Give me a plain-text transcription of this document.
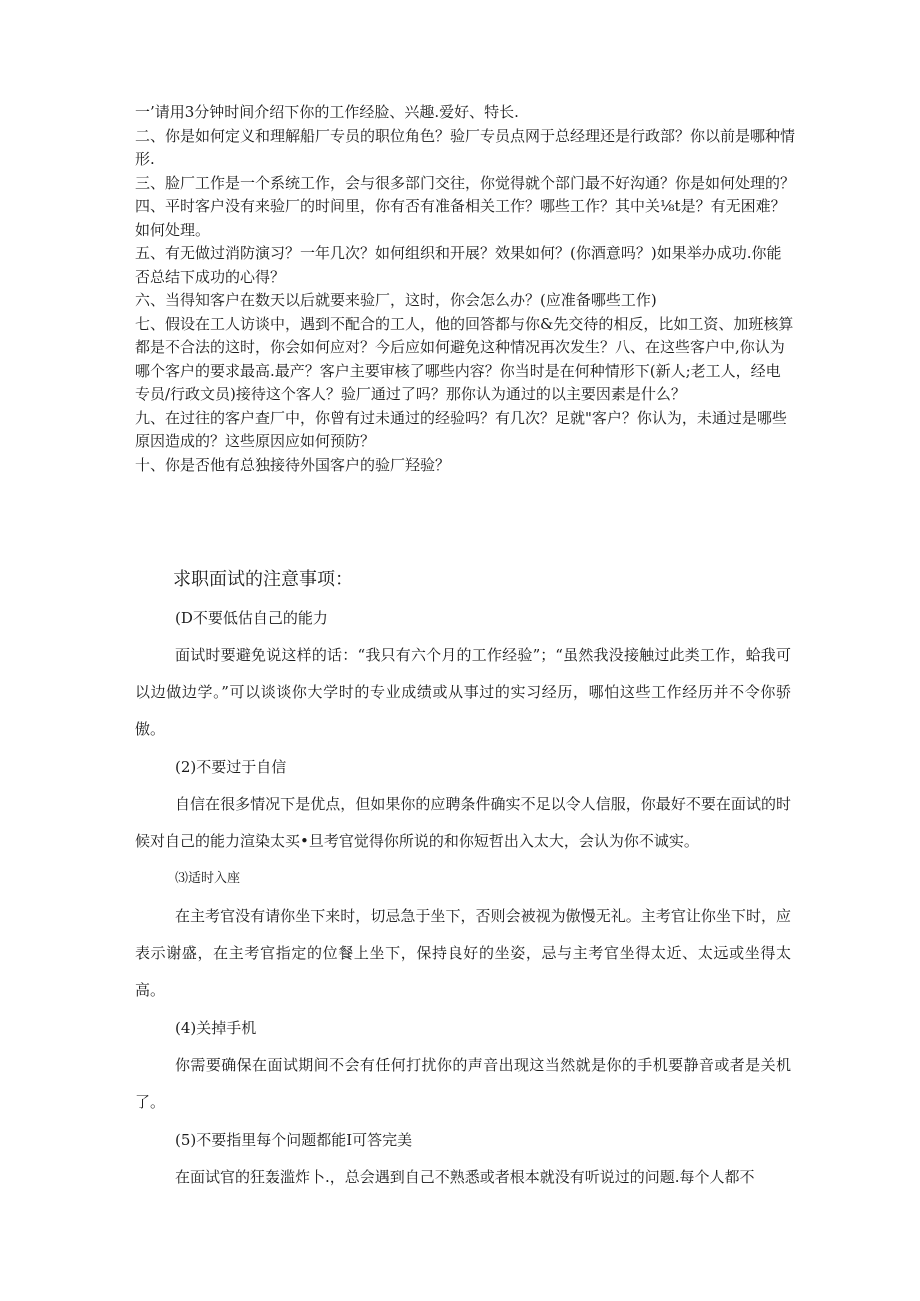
一’请用3分钟时间介绍下你的工作经脸、兴趣.爱好、特长.

二、你是如何定义和理解船厂专员的职位角色？验厂专员点网于总经理还是行政部？你以前是哪种情形.

三、脸厂工作是一个系统工作，会与很多部门交往，你觉得就个部门最不好沟通？你是如何处理的？

四、平时客户没有来验厂的时间里，你有否有准备相关工作？哪些工作？其中关⅛t是？有无困难？如何处理。

五、有无做过消防演习？一年几次？如何组织和开展？效果如何？(你酒意吗？)如果举办成功.你能否总结下成功的心得？

六、当得知客户在数天以后就要来验厂，这时，你会怎么办？(应准备哪些工作)

七、假设在工人访谈中，遇到不配合的工人，他的回答都与你&先交待的相反，比如工资、加班核算都是不合法的这时，你会如何应对？今后应如何避免这种情况再次发生？八、在这些客户中,你认为哪个客户的要求最高.最产？客户主要审核了哪些内容？你当时是在何种情形下(新人;老工人，经电专员/行政文员)接待这个客人？验厂通过了吗？那你认为通过的以主要因素是什么？

九、在过往的客户查厂中，你曾有过未通过的经验吗？有几次？足就"客户？你认为，未通过是哪些原因造成的？这些原因应如何预防？

十、你是否他有总独接待外国客户的验厂羟验？

求职面试的注意事项：

(D不要低估自己的能力

面试时要避免说这样的话：“我只有六个月的工作经验”；“虽然我没接触过此类工作，蛤我可以边做边学。”可以谈谈你大学时的专业成绩或从事过的实习经历，哪怕这些工作经历并不令你骄傲。

(2)不要过于自信

自信在很多情况下是优点，但如果你的应聘条件确实不足以令人信服，你最好不要在面试的时候对自己的能力渲染太买•旦考官觉得你所说的和你短哲出入太大，会认为你不诚实。

⑶适时入座

在主考官没有请你坐下来时，切忌急于坐下，否则会被视为傲慢无礼。主考官让你坐下时，应表示谢盛，在主考官指定的位餐上坐下，保持良好的坐姿，忌与主考官坐得太近、太远或坐得太高。

(4)关掉手机

你需要确保在面试期间不会有任何打扰你的声音出现这当然就是你的手机要静音或者是关机了。

(5)不要指里每个问题都能I可答完美

在面试官的狂轰滥炸卜.，总会遇到自己不熟悉或者根本就没有听说过的问题.每个人都不
